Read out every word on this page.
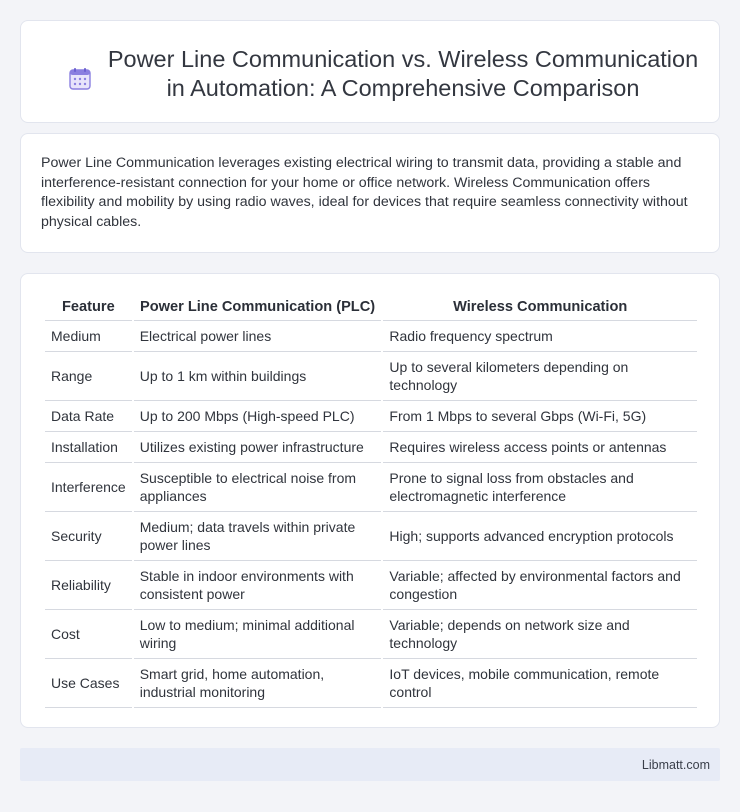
Power Line Communication vs. Wireless Communication in Automation: A Comprehensive Comparison

Power Line Communication leverages existing electrical wiring to transmit data, providing a stable and interference-resistant connection for your home or office network. Wireless Communication offers flexibility and mobility by using radio waves, ideal for devices that require seamless connectivity without physical cables.

Feature	Power Line Communication (PLC)	Wireless Communication
Medium	Electrical power lines	Radio frequency spectrum
Range	Up to 1 km within buildings	Up to several kilometers depending on technology
Data Rate	Up to 200 Mbps (High-speed PLC)	From 1 Mbps to several Gbps (Wi-Fi, 5G)
Installation	Utilizes existing power infrastructure	Requires wireless access points or antennas
Interference	Susceptible to electrical noise from appliances	Prone to signal loss from obstacles and electromagnetic interference
Security	Medium; data travels within private power lines	High; supports advanced encryption protocols
Reliability	Stable in indoor environments with consistent power	Variable; affected by environmental factors and congestion
Cost	Low to medium; minimal additional wiring	Variable; depends on network size and technology
Use Cases	Smart grid, home automation, industrial monitoring	IoT devices, mobile communication, remote control
Libmatt.com
